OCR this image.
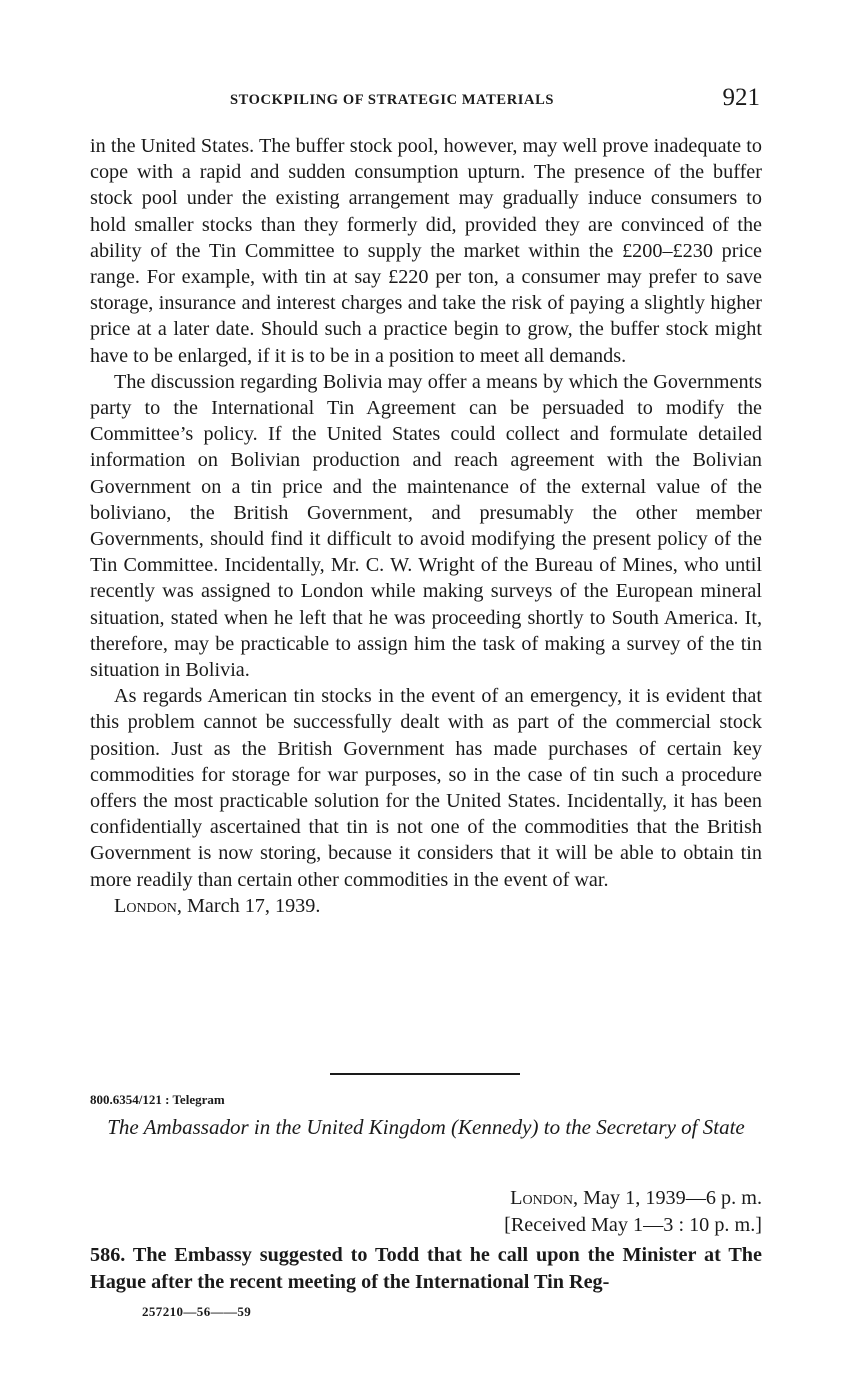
STOCKPILING OF STRATEGIC MATERIALS	921

in the United States. The buffer stock pool, however, may well prove inadequate to cope with a rapid and sudden consumption upturn. The presence of the buffer stock pool under the existing arrangement may gradually induce consumers to hold smaller stocks than they formerly did, provided they are convinced of the ability of the Tin Committee to supply the market within the £200–£230 price range. For example, with tin at say £220 per ton, a consumer may prefer to save storage, insurance and interest charges and take the risk of paying a slightly higher price at a later date. Should such a practice begin to grow, the buffer stock might have to be enlarged, if it is to be in a position to meet all demands.

The discussion regarding Bolivia may offer a means by which the Governments party to the International Tin Agreement can be persuaded to modify the Committee’s policy. If the United States could collect and formulate detailed information on Bolivian production and reach agreement with the Bolivian Government on a tin price and the maintenance of the external value of the boliviano, the British Government, and presumably the other member Governments, should find it difficult to avoid modifying the present policy of the Tin Committee. Incidentally, Mr. C. W. Wright of the Bureau of Mines, who until recently was assigned to London while making surveys of the European mineral situation, stated when he left that he was proceeding shortly to South America. It, therefore, may be practicable to assign him the task of making a survey of the tin situation in Bolivia.

As regards American tin stocks in the event of an emergency, it is evident that this problem cannot be successfully dealt with as part of the commercial stock position. Just as the British Government has made purchases of certain key commodities for storage for war purposes, so in the case of tin such a procedure offers the most practicable solution for the United States. Incidentally, it has been confidentially ascertained that tin is not one of the commodities that the British Government is now storing, because it considers that it will be able to obtain tin more readily than certain other commodities in the event of war.

London, March 17, 1939.

800.6354/121 : Telegram
The Ambassador in the United Kingdom (Kennedy) to the Secretary of State
London, May 1, 1939—6 p. m.
[Received May 1—3 : 10 p. m.]

586. The Embassy suggested to Todd that he call upon the Minister at The Hague after the recent meeting of the International Tin Reg-

257210—56——59
